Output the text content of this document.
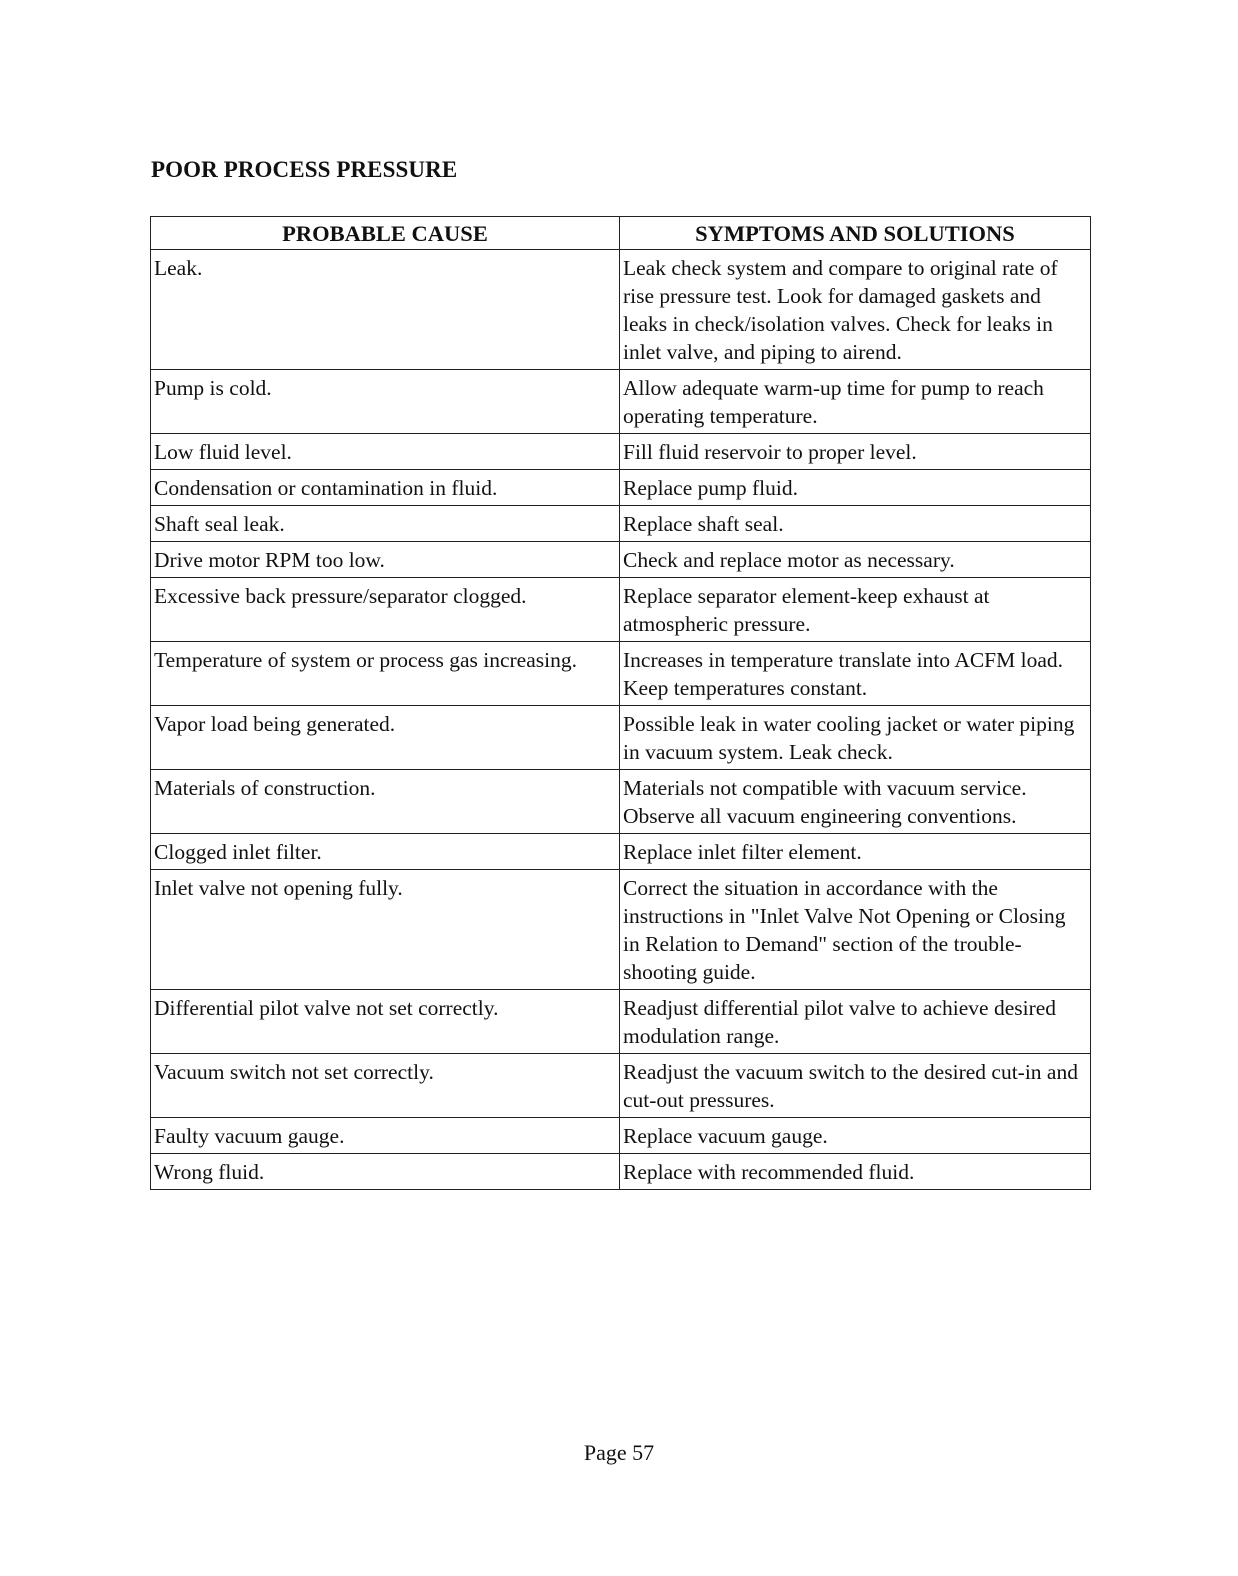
POOR PROCESS PRESSURE
PROBABLE CAUSE	SYMPTOMS AND SOLUTIONS
Leak.	Leak check system and compare to original rate of rise pressure test. Look for damaged gaskets and leaks in check/isolation valves. Check for leaks in inlet valve, and piping to airend.
Pump is cold.	Allow adequate warm-up time for pump to reach operating temperature.
Low fluid level.	Fill fluid reservoir to proper level.
Condensation or contamination in fluid.	Replace pump fluid.
Shaft seal leak.	Replace shaft seal.
Drive motor RPM too low.	Check and replace motor as necessary.
Excessive back pressure/separator clogged.	Replace separator element-keep exhaust at atmospheric pressure.
Temperature of system or process gas increasing.	Increases in temperature translate into ACFM load. Keep temperatures constant.
Vapor load being generated.	Possible leak in water cooling jacket or water piping in vacuum system. Leak check.
Materials of construction.	Materials not compatible with vacuum service. Observe all vacuum engineering conventions.
Clogged inlet filter.	Replace inlet filter element.
Inlet valve not opening fully.	Correct the situation in accordance with the instructions in "Inlet Valve Not Opening or Closing in Relation to Demand" section of the trouble-shooting guide.
Differential pilot valve not set correctly.	Readjust differential pilot valve to achieve desired modulation range.
Vacuum switch not set correctly.	Readjust the vacuum switch to the desired cut-in and cut-out pressures.
Faulty vacuum gauge.	Replace vacuum gauge.
Wrong fluid.	Replace with recommended fluid.
Page 57
